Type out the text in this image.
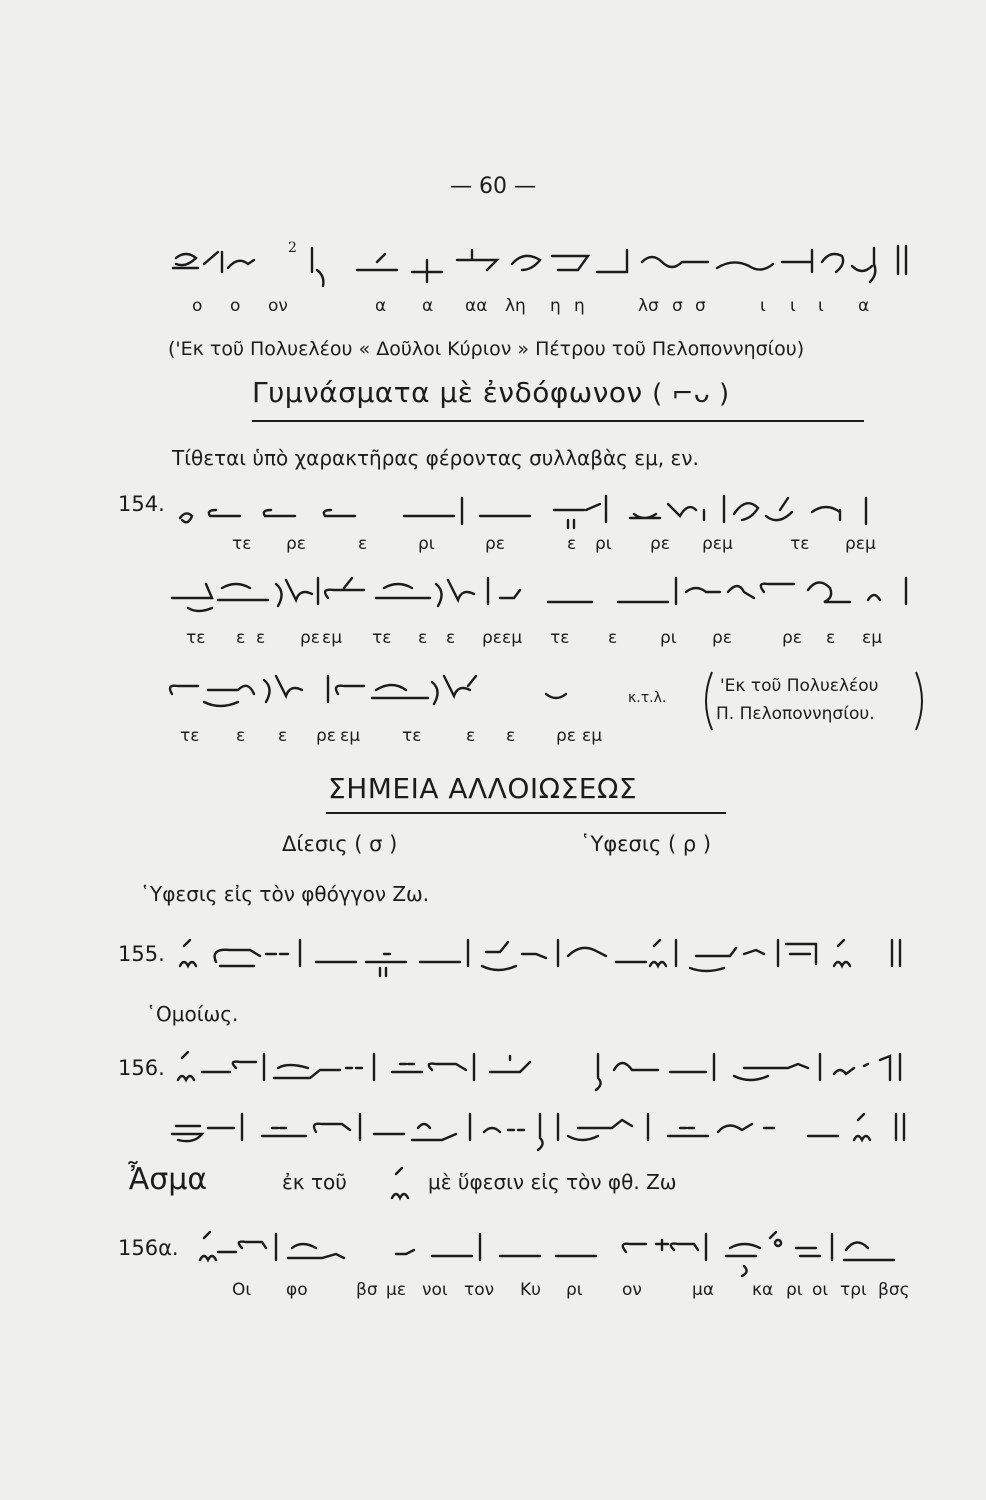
— 60 —
2
ο ο ον	α α αα λη η η	λσ σ σ	ι ι ι α
('Εκ τοῦ Πολυελέου « Δοῦλοι Κύριον » Πέτρου τοῦ Πελοποννησίου)
Γυμνάσματα μὲ ἐνδόφωνον ( ⌐ᴗ )
Τίθεται ὑπὸ χαρακτῆρας φέροντας συλλαβὰς εμ, εν.
154.
τε ρε	ε	ρι	ρε	ε ρι ρε ρεμ	τε ρεμ
τε ε ε ρε εμ τε ε ε ρε εμ τε ε	ρι ρε	ρε ε εμ
κ.τ.λ.
'Εκ τοῦ Πολυελέου
Π. Πελοποννησίου.
τε ε ε ρε εμ τε	ε ε ρε εμ
ΣΗΜΕΙΑ ΑΛΛΟΙΩΣΕΩΣ
Δίεσις ( σ )	῾Υφεσις ( ρ )
῾Υφεσις εἰς τὸν φθόγγον Ζω.
155.
῾Ομοίως.
156.
Ἆσμα	ἐκ τοῦ	μὲ ὕφεσιν εἰς τὸν φθ. Ζω
156α.
Οι φο	βσ με νοι τον Κυ ρι ον	μα κα ρι οι τρι βσς
